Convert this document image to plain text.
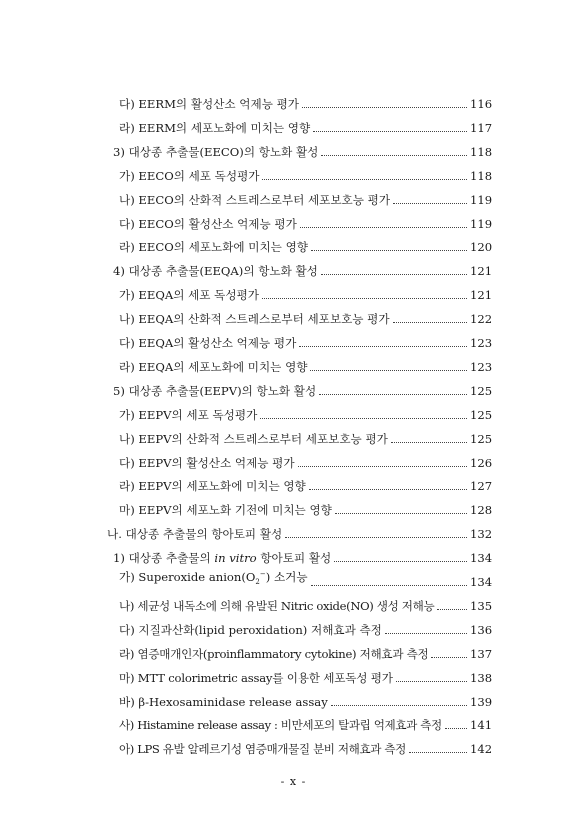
다) EERM의 활성산소 억제능 평가	116
라) EERM의 세포노화에 미치는 영향	117
3) 대상종 추출물(EECO)의 항노화 활성	118
가) EECO의 세포 독성평가	118
나) EECO의 산화적 스트레스로부터 세포보호능 평가	119
다) EECO의 활성산소 억제능 평가	119
라) EECO의 세포노화에 미치는 영향	120
4) 대상종 추출물(EEQA)의 항노화 활성	121
가) EEQA의 세포 독성평가	121
나) EEQA의 산화적 스트레스로부터 세포보호능 평가	122
다) EEQA의 활성산소 억제능 평가	123
라) EEQA의 세포노화에 미치는 영향	123
5) 대상종 추출물(EEPV)의 항노화 활성	125
가) EEPV의 세포 독성평가	125
나) EEPV의 산화적 스트레스로부터 세포보호능 평가	125
다) EEPV의 활성산소 억제능 평가	126
라) EEPV의 세포노화에 미치는 영향	127
마) EEPV의 세포노화 기전에 미치는 영향	128
나. 대상종 추출물의 항아토피 활성	132
1) 대상종 추출물의 in vitro 항아토피 활성	134
가) Superoxide $anion(O_2^-)$ 소거능	134
나) 세균성 내독소에 의해 유발된 Nitric oxide(NO) 생성 저해능	135
다) 지질과산화(lipid peroxidation) 저해효과 측정	136
라) 염증매개인자(proinflammatory cytokine) 저해효과 측정	137
마) MTT colorimetric assay를 이용한 세포독성 평가	138
바) β-Hexosaminidase release assay	139
사) Histamine release assay : 비만세포의 탈과립 억제효과 측정 141
아) LPS 유발 알레르기성 염증매개물질 분비 저해효과 측정	142
- x -
